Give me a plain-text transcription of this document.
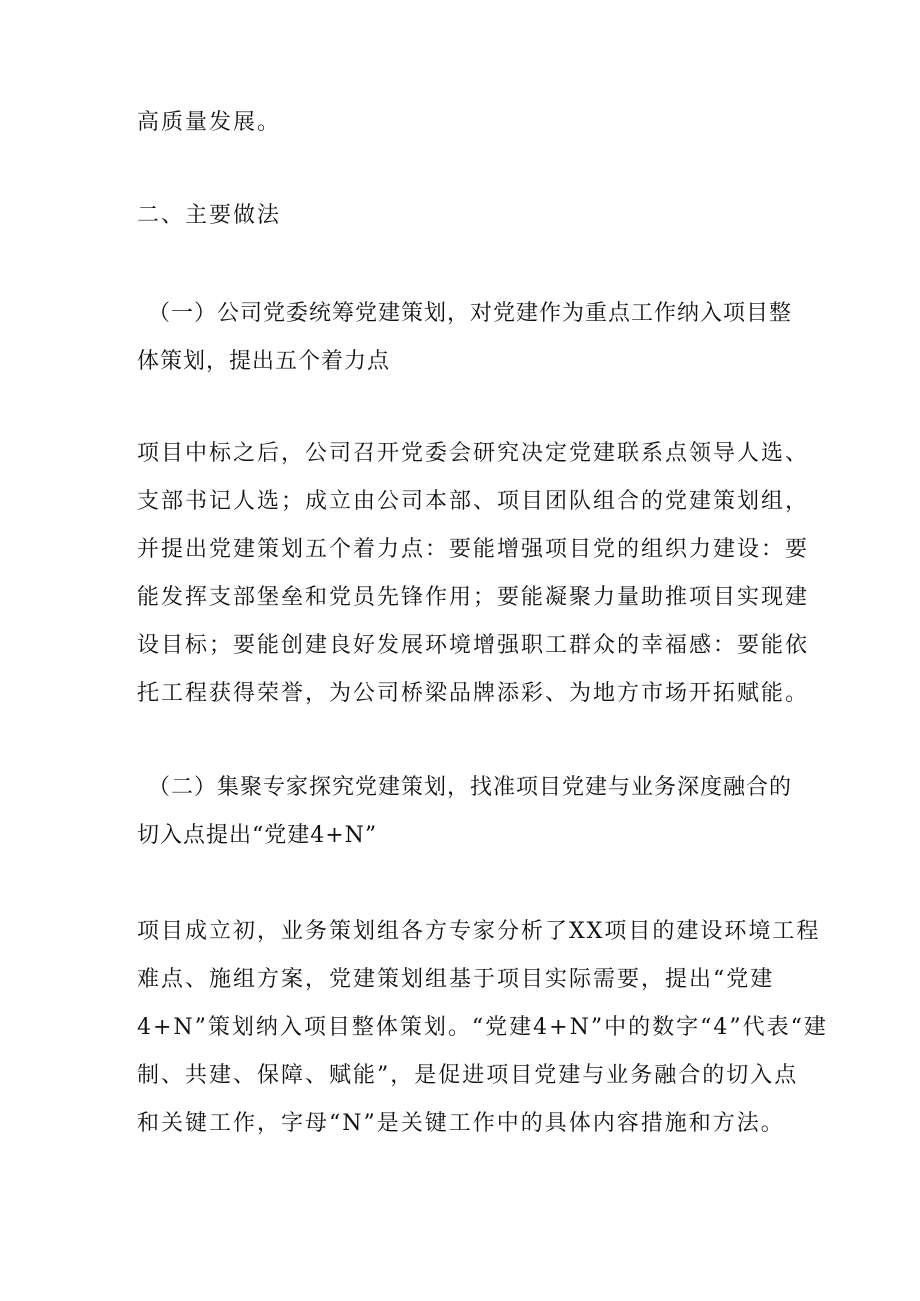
高质量发展。
二、主要做法
（一）公司党委统筹党建策划，对党建作为重点工作纳入项目整
体策划，提出五个着力点
项目中标之后，公司召开党委会研究决定党建联系点领导人选、
支部书记人选；成立由公司本部、项目团队组合的党建策划组，
并提出党建策划五个着力点：要能增强项目党的组织力建设：要
能发挥支部堡垒和党员先锋作用；要能凝聚力量助推项目实现建
设目标；要能创建良好发展环境增强职工群众的幸福感：要能依
托工程获得荣誉，为公司桥梁品牌添彩、为地方市场开拓赋能。
（二）集聚专家探究党建策划，找准项目党建与业务深度融合的
切入点提出“党建4+N”
项目成立初，业务策划组各方专家分析了XX项目的建设环境工程
难点、施组方案，党建策划组基于项目实际需要，提出“党建
4+N”策划纳入项目整体策划。“党建4+N”中的数字“4”代表“建
制、共建、保障、赋能”，是促进项目党建与业务融合的切入点
和关键工作，字母“N”是关键工作中的具体内容措施和方法。
